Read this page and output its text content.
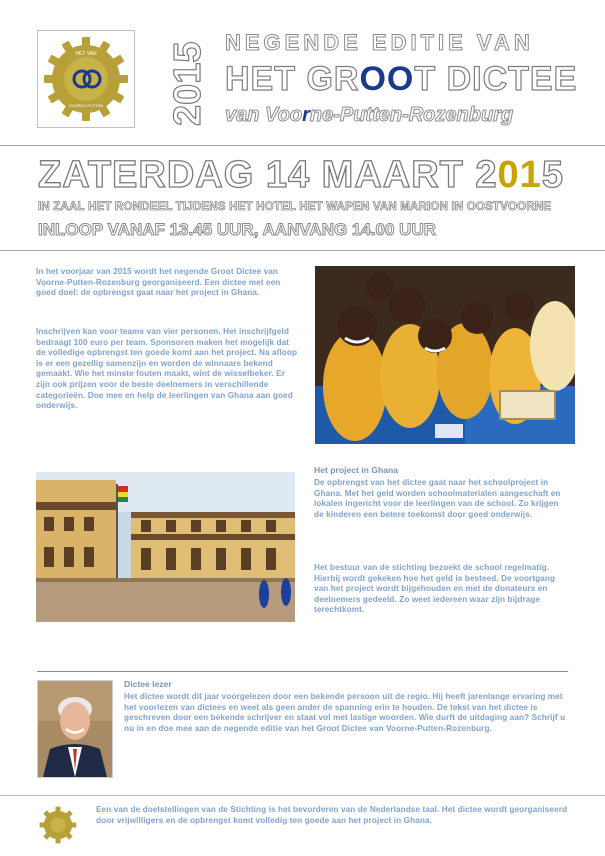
HET VAN
VOORNE-PUTTEN 2015 NEGENDE EDITIE VAN
HET GROOT DICTEE
van Voorne-Putten-Rozenburg
ZATERDAG 14 MAART 2015
IN ZAAL HET RONDEEL TIJDENS HET HOTEL HET WAPEN VAN MARION IN OOSTVOORNE
INLOOP VANAF 13.45 UUR, AANVANG 14.00 UUR
In het voorjaar van 2015 wordt het negende Groot Dictee van Voorne-Putten-Rozenburg georganiseerd. Een dictee met een goed doel: de opbrengst gaat naar het project in Ghana.
Inschrijven kan voor teams van vier personen. Het inschrijfgeld bedraagt 100 euro per team. Sponsoren maken het mogelijk dat de volledige opbrengst ten goede komt aan het project. Na afloop is er een gezellig samenzijn en worden de winnaars bekend gemaakt. Wie het minste fouten maakt, wint de wisselbeker. Er zijn ook prijzen voor de beste deelnemers in verschillende categorieën. Doe mee en help de leerlingen van Ghana aan goed onderwijs.
Het project in Ghana
De opbrengst van het dictee gaat naar het schoolproject in Ghana. Met het geld worden schoolmaterialen aangeschaft en lokalen ingericht voor de leerlingen van de school. Zo krijgen de kinderen een betere toekomst door goed onderwijs.
Het bestuur van de stichting bezoekt de school regelmatig. Hierbij wordt gekeken hoe het geld is besteed. De voortgang van het project wordt bijgehouden en met de donateurs en deelnemers gedeeld. Zo weet iedereen waar zijn bijdrage terechtkomt.
Dictee lezer
Het dictee wordt dit jaar voorgelezen door een bekende persoon uit de regio. Hij heeft jarenlange ervaring met het voorlezen van dictees en weet als geen ander de spanning erin te houden. De tekst van het dictee is geschreven door een bekende schrijver en staat vol met lastige woorden. Wie durft de uitdaging aan? Schrijf u nu in en doe mee aan de negende editie van het Groot Dictee van Voorne-Putten-Rozenburg.
Een van de doelstellingen van de Stichting is het bevorderen van de Nederlandse taal. Het dictee wordt georganiseerd door vrijwilligers en de opbrengst komt volledig ten goede aan het project in Ghana.
